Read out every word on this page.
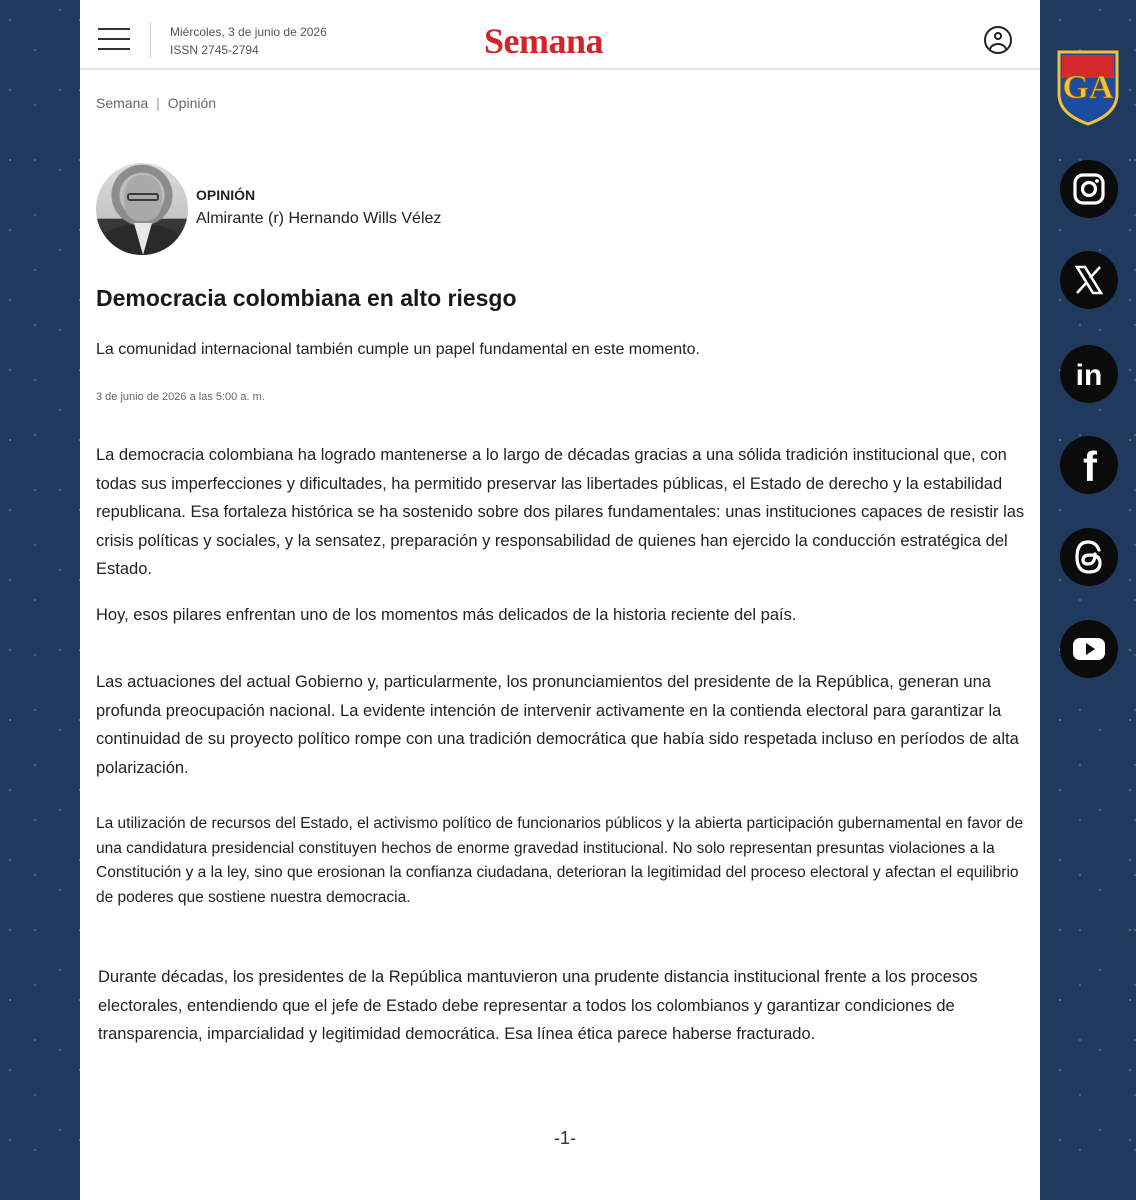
Miércoles, 3 de junio de 2026
ISSN 2745-2794	Semana
Semana | Opinión
OPINIÓN
Almirante (r) Hernando Wills Vélez
Democracia colombiana en alto riesgo

La comunidad internacional también cumple un papel fundamental en este momento.

3 de junio de 2026 a las 5:00 a. m.

La democracia colombiana ha logrado mantenerse a lo largo de décadas gracias a una sólida tradición institucional que, con todas sus imperfecciones y dificultades, ha permitido preservar las libertades públicas, el Estado de derecho y la estabilidad republicana. Esa fortaleza histórica se ha sostenido sobre dos pilares fundamentales: unas instituciones capaces de resistir las crisis políticas y sociales, y la sensatez, preparación y responsabilidad de quienes han ejercido la conducción estratégica del Estado.

Hoy, esos pilares enfrentan uno de los momentos más delicados de la historia reciente del país.

Las actuaciones del actual Gobierno y, particularmente, los pronunciamientos del presidente de la República, generan una profunda preocupación nacional. La evidente intención de intervenir activamente en la contienda electoral para garantizar la continuidad de su proyecto político rompe con una tradición democrática que había sido respetada incluso en períodos de alta polarización.

La utilización de recursos del Estado, el activismo político de funcionarios públicos y la abierta participación gubernamental en favor de una candidatura presidencial constituyen hechos de enorme gravedad institucional. No solo representan presuntas violaciones a la Constitución y a la ley, sino que erosionan la confianza ciudadana, deterioran la legitimidad del proceso electoral y afectan el equilibrio de poderes que sostiene nuestra democracia.

Durante décadas, los presidentes de la República mantuvieron una prudente distancia institucional frente a los procesos electorales, entendiendo que el jefe de Estado debe representar a todos los colombianos y garantizar condiciones de transparencia, imparcialidad y legitimidad democrática. Esa línea ética parece haberse fracturado.

-1-
GA
in
f
